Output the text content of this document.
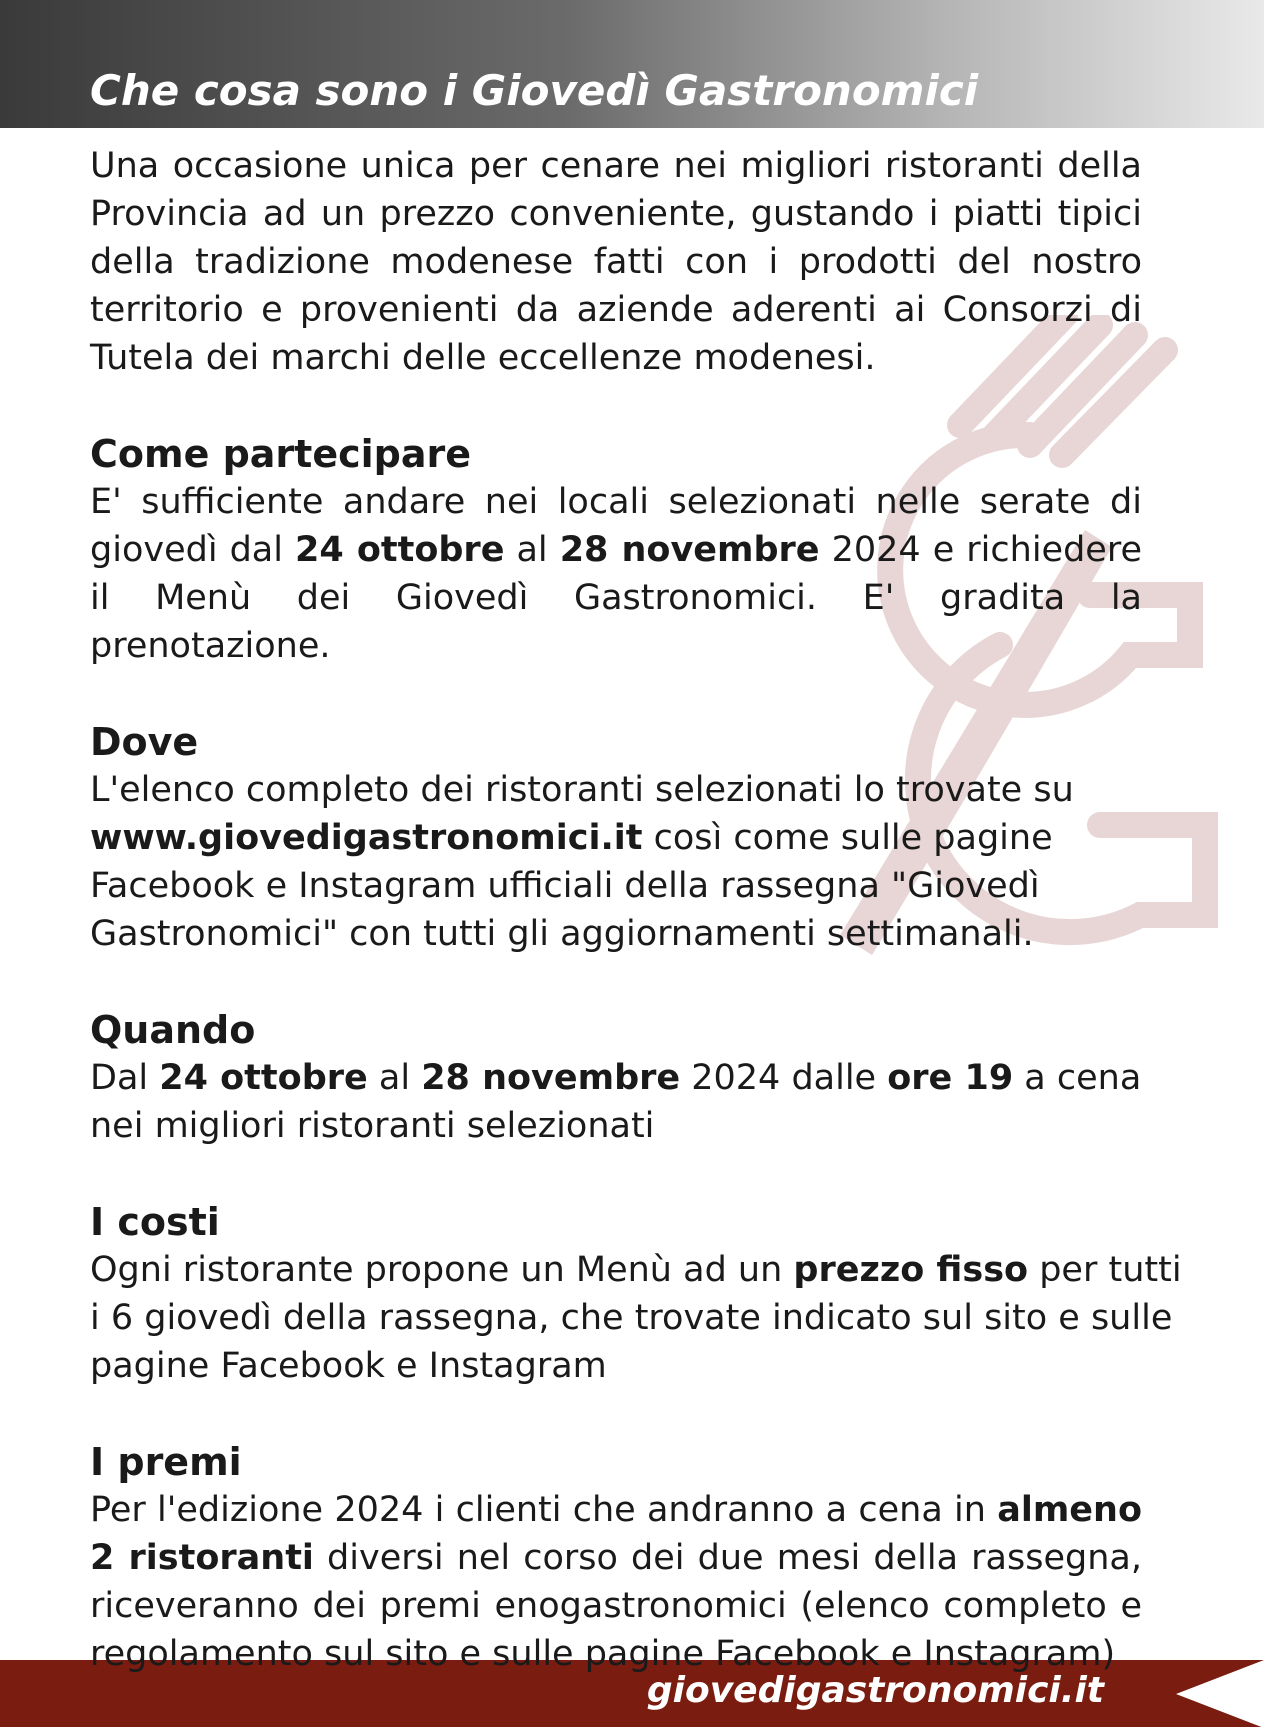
Che cosa sono i Giovedì Gastronomici

Una occasione unica per cenare nei migliori ristoranti della Provincia ad un prezzo conveniente, gustando i piatti tipici della tradizione modenese fatti con i prodotti del nostro territorio e provenienti da aziende aderenti ai Consorzi di Tutela dei marchi delle eccellenze modenesi.

Come partecipare

E' sufficiente andare nei locali selezionati nelle serate di giovedì dal 24 ottobre al 28 novembre 2024 e richiedere il Menù dei Giovedì Gastronomici. E' gradita la prenotazione.

Dove

L'elenco completo dei ristoranti selezionati lo trovate su www.giovedigastronomici.it così come sulle pagine Facebook e Instagram ufficiali della rassegna "Giovedì Gastronomici" con tutti gli aggiornamenti settimanali.

Quando

Dal 24 ottobre al 28 novembre 2024 dalle ore 19 a cena nei migliori ristoranti selezionati

I costi

Ogni ristorante propone un Menù ad un prezzo fisso per tutti i 6 giovedì della rassegna, che trovate indicato sul sito e sulle pagine Facebook e Instagram

I premi

Per l'edizione 2024 i clienti che andranno a cena in almeno 2 ristoranti diversi nel corso dei due mesi della rassegna, riceveranno dei premi enogastronomici (elenco completo e regolamento sul sito e sulle pagine Facebook e Instagram)

giovedigastronomici.it
